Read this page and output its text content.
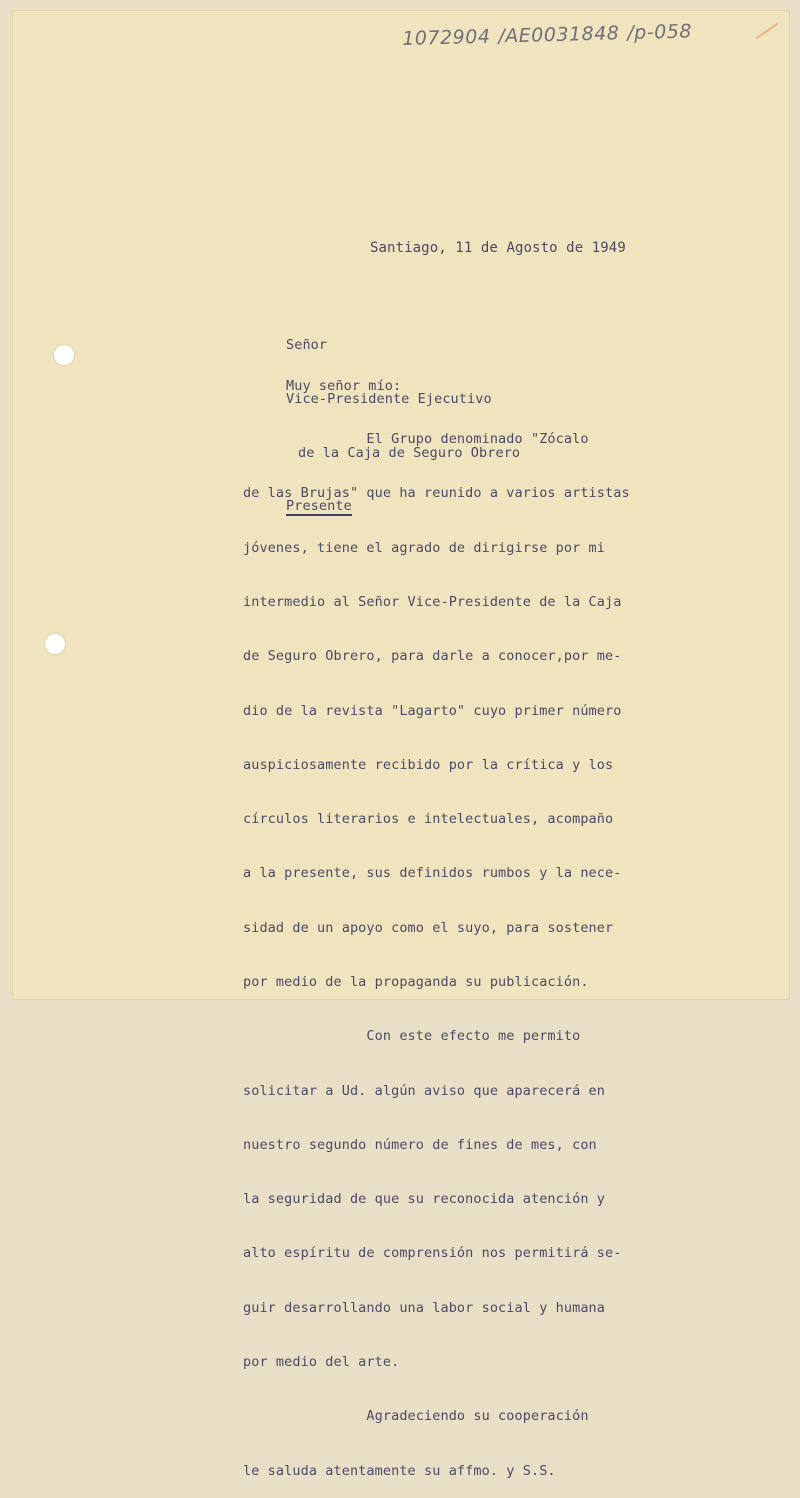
1072904 /AE0031848 /p-058
Santiago, 11 de Agosto de 1949

Señor

Vice-Presidente Ejecutivo

de la Caja de Seguro Obrero

Presente

Muy señor mío:

El Grupo denominado "Zócalo

de las Brujas" que ha reunido a varios artistas

jóvenes, tiene el agrado de dirigirse por mi

intermedio al Señor Vice-Presidente de la Caja

de Seguro Obrero, para darle a conocer,por me-

dio de la revista "Lagarto" cuyo primer número

auspiciosamente recibido por la crítica y los

círculos literarios e intelectuales, acompaño

a la presente, sus definidos rumbos y la nece-

sidad de un apoyo como el suyo, para sostener

por medio de la propaganda su publicación.

Con este efecto me permito

solicitar a Ud. algún aviso que aparecerá en

nuestro segundo número de fines de mes, con

la seguridad de que su reconocida atención y

alto espíritu de comprensión nos permitirá se-

guir desarrollando una labor social y humana

por medio del arte.

Agradeciendo su cooperación

le saluda atentamente su affmo. y S.S.
